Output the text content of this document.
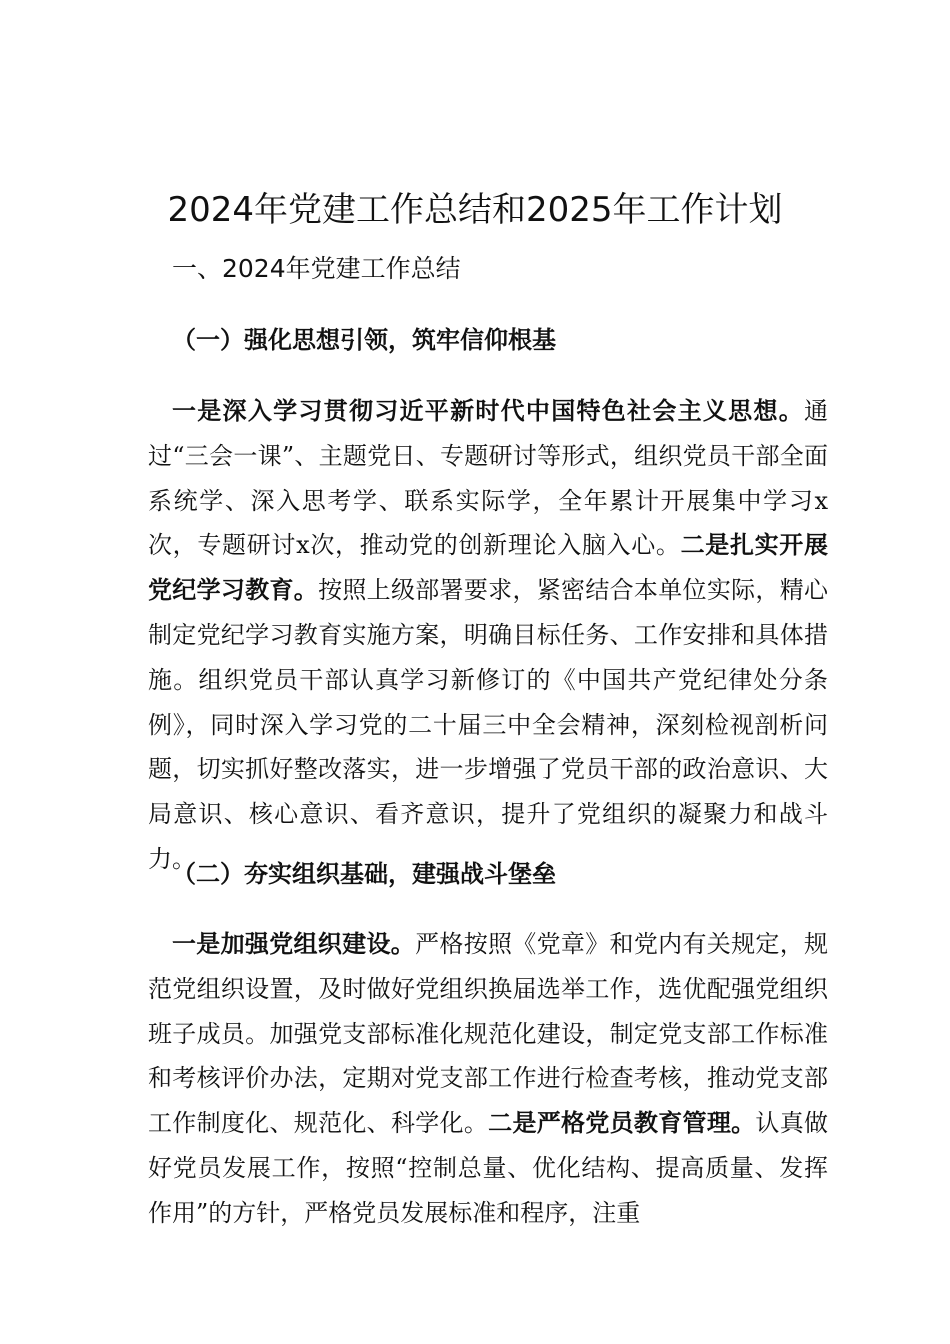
2024年党建工作总结和2025年工作计划
一、2024年党建工作总结
（一）强化思想引领，筑牢信仰根基

一是深入学习贯彻习近平新时代中国特色社会主义思想。通过“三会一课”、主题党日、专题研讨等形式，组织党员干部全面系统学、深入思考学、联系实际学，全年累计开展集中学习x次，专题研讨x次，推动党的创新理论入脑入心。二是扎实开展党纪学习教育。按照上级部署要求，紧密结合本单位实际，精心制定党纪学习教育实施方案，明确目标任务、工作安排和具体措施。组织党员干部认真学习新修订的《中国共产党纪律处分条例》，同时深入学习党的二十届三中全会精神，深刻检视剖析问题，切实抓好整改落实，进一步增强了党员干部的政治意识、大局意识、核心意识、看齐意识，提升了党组织的凝聚力和战斗力。

（二）夯实组织基础，建强战斗堡垒

一是加强党组织建设。严格按照《党章》和党内有关规定，规范党组织设置，及时做好党组织换届选举工作，选优配强党组织班子成员。加强党支部标准化规范化建设，制定党支部工作标准和考核评价办法，定期对党支部工作进行检查考核，推动党支部工作制度化、规范化、科学化。二是严格党员教育管理。认真做好党员发展工作，按照“控制总量、优化结构、提高质量、发挥作用”的方针，严格党员发展标准和程序，注重
